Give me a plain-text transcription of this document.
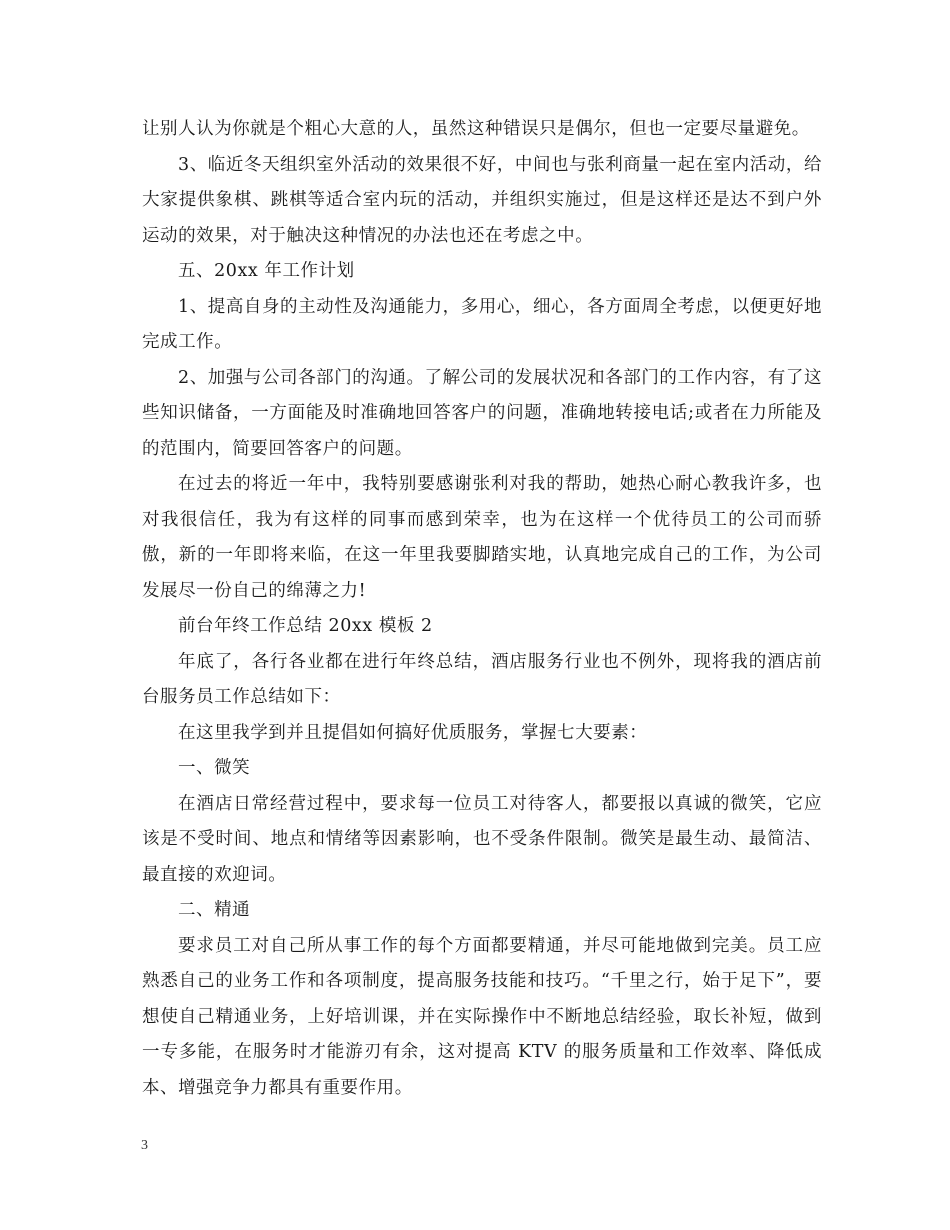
让别人认为你就是个粗心大意的人，虽然这种错误只是偶尔，但也一定要尽量避免。

3、临近冬天组织室外活动的效果很不好，中间也与张利商量一起在室内活动，给大家提供象棋、跳棋等适合室内玩的活动，并组织实施过，但是这样还是达不到户外运动的效果，对于触决这种情况的办法也还在考虑之中。

五、20xx 年工作计划

1、提高自身的主动性及沟通能力，多用心，细心，各方面周全考虑，以便更好地完成工作。

2、加强与公司各部门的沟通。了解公司的发展状况和各部门的工作内容，有了这些知识储备，一方面能及时准确地回答客户的问题，准确地转接电话;或者在力所能及的范围内，简要回答客户的问题。

在过去的将近一年中，我特别要感谢张利对我的帮助，她热心耐心教我许多，也对我很信任，我为有这样的同事而感到荣幸，也为在这样一个优待员工的公司而骄傲，新的一年即将来临，在这一年里我要脚踏实地，认真地完成自己的工作，为公司发展尽一份自己的绵薄之力!

前台年终工作总结 20xx 模板 2

年底了，各行各业都在进行年终总结，酒店服务行业也不例外，现将我的酒店前台服务员工作总结如下：

在这里我学到并且提倡如何搞好优质服务，掌握七大要素：

一、微笑

在酒店日常经营过程中，要求每一位员工对待客人，都要报以真诚的微笑，它应该是不受时间、地点和情绪等因素影响，也不受条件限制。微笑是最生动、最简洁、最直接的欢迎词。

二、精通

要求员工对自己所从事工作的每个方面都要精通，并尽可能地做到完美。员工应熟悉自己的业务工作和各项制度，提高服务技能和技巧。“千里之行，始于足下”，要想使自己精通业务，上好培训课，并在实际操作中不断地总结经验，取长补短，做到一专多能，在服务时才能游刃有余，这对提高 KTV 的服务质量和工作效率、降低成本、增强竞争力都具有重要作用。

3
